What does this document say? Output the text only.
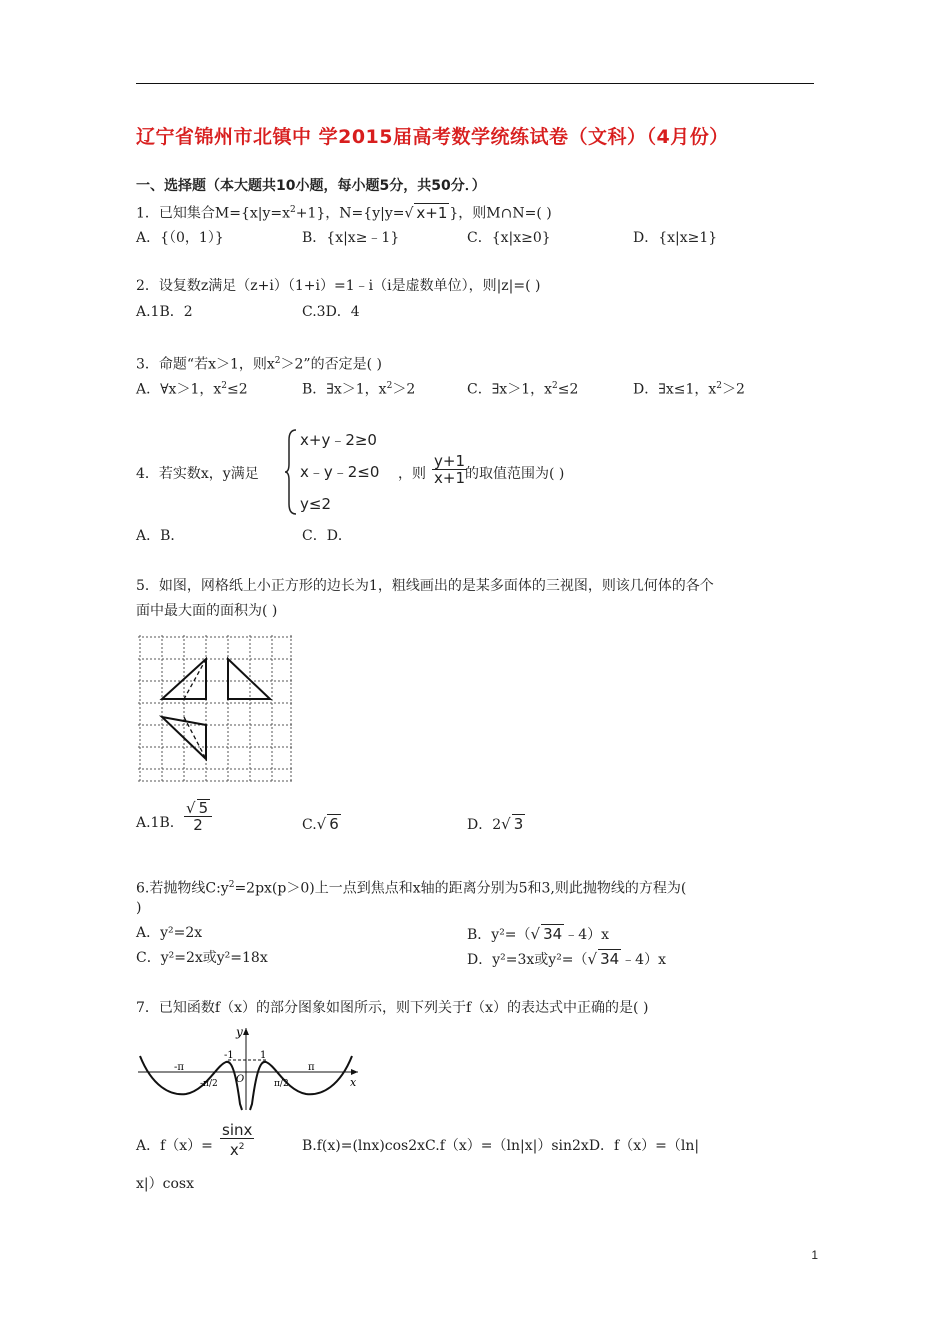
辽宁省锦州市北镇中 学2015届高考数学统练试卷（文科）（4月份）
一、选择题（本大题共10小题，每小题5分，共50分．）
1．已知集合$M=\{x|y=x^2+1\}$，N={y|y=√ x+1 }，则M∩N=( )
A．{（0，1）}	B．{x|x≥﹣1}	C．{x|x≥0}	D．{x|x≥1}
2．设复数z满足（z+i）（1+i）=1﹣i（i是虚数单位），则|z|=( )
A.1B．2	C.3D．4
3．命题“若x＞1，则$x^2>2$”的否定是( )
A．∀x＞1，$x^2\le 2$	B．∃x＞1，$x^2>2$	C．∃x＞1，$x^2\le 2$	D．∃x≤1，$x^2>2$
4．若实数x，y满足
x+y﹣2≥0
x﹣y﹣2≤0
y≤2
，则 $\frac{y+1}{x+1}$
的取值范围为( )
A．B．	C．D．
5．如图，网格纸上小正方形的边长为1，粗线画出的是某多面体的三视图，则该几何体的各个
面中最大面的面积为( )
A.1B. $\frac{√ 5}{2}$	C.√ 6	D．2√ 3
6.若抛物线$C:y^2=2px(p>0)$上一点到焦点和x轴的距离分别为5和3,则此抛物线的方程为(
)
A．y²=2x	B．y²=（√ 34 ﹣4）x
C．y²=2x或y²=18x	D．y²=3x或y²=（√ 34 ﹣4）x
7．已知函数f（x）的部分图象如图所示，则下列关于f（x）的表达式中正确的是( )
y
x
-π
-π/2
-1
O
1
π/2
π
A．$f(x)= \frac{\sin x}{x^2}$	B.f(x)=(lnx)cos2xC.f（x）=（ln|x|）sin2xD．f（x）=（ln|
x|）cosx
1
